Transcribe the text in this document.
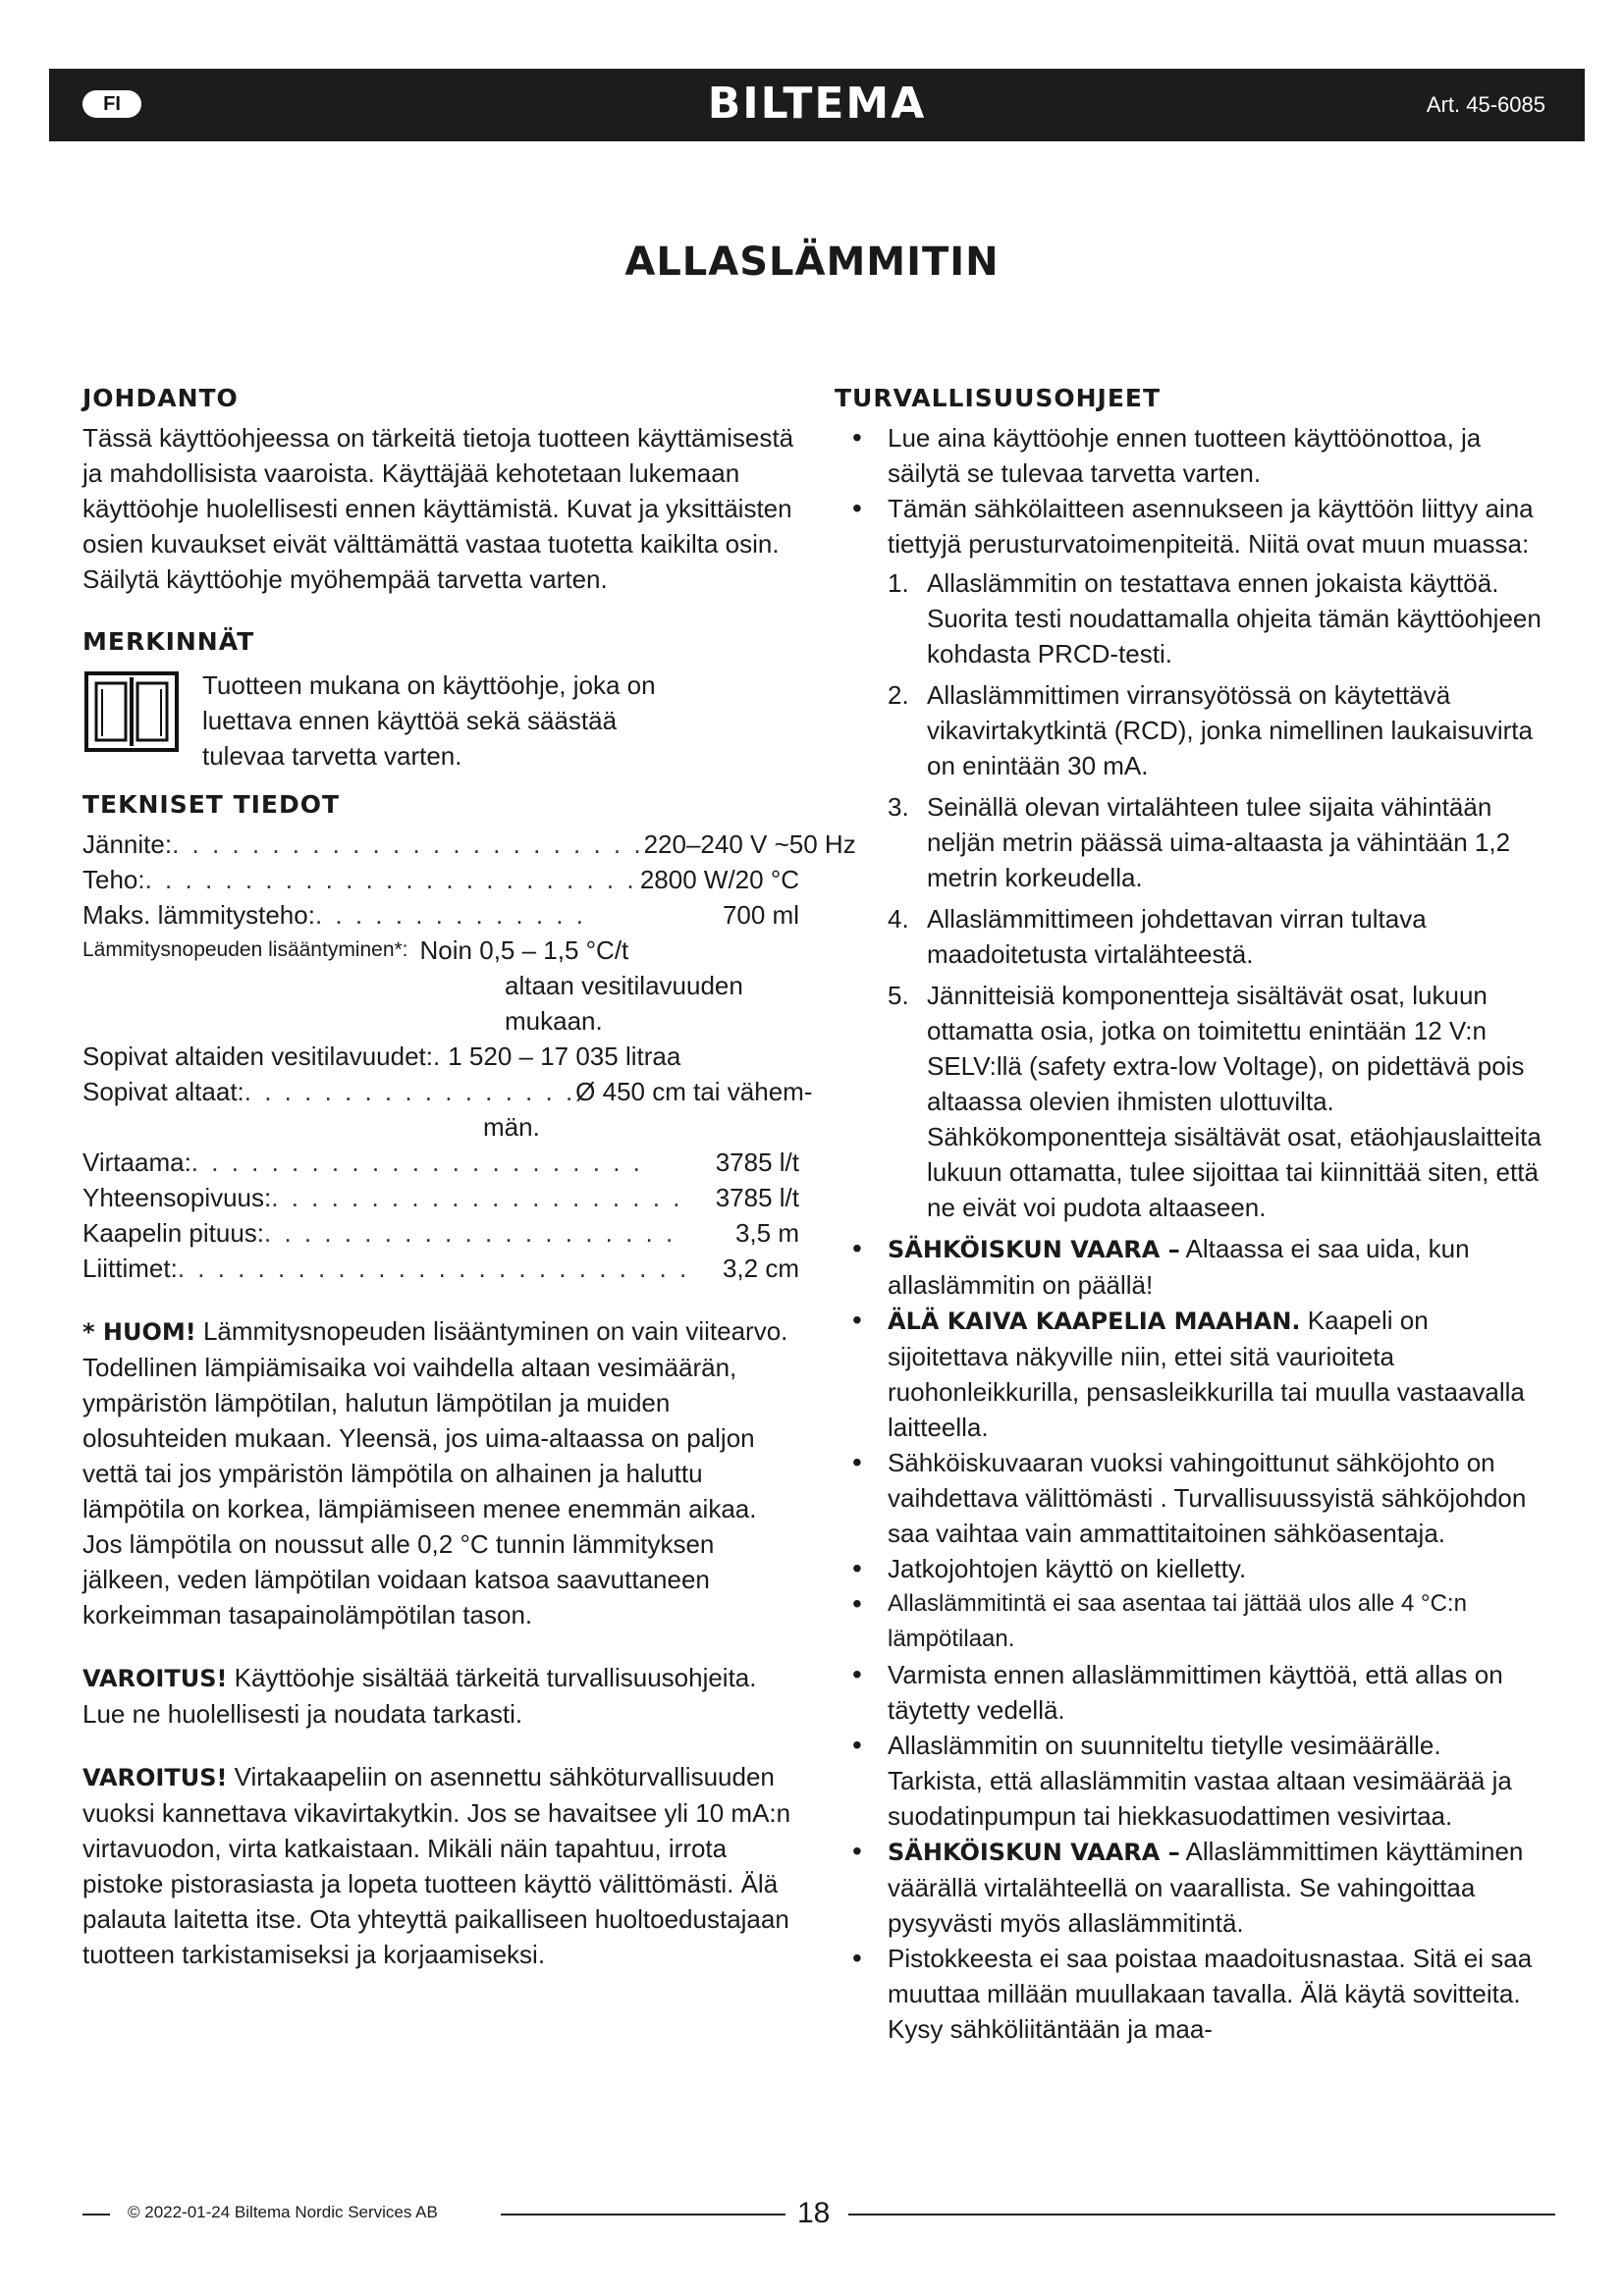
FI	BILTEMA	Art. 45-6085
ALLASLÄMMITIN
JOHDANTO

Tässä käyttöohjeessa on tärkeitä tietoja tuotteen käyttämisestä ja mahdollisista vaaroista. Käyttäjää kehotetaan lukemaan käyttöohje huolellisesti ennen käyttämistä. Kuvat ja yksittäisten osien kuvaukset eivät välttämättä vastaa tuotetta kaikilta osin. Säilytä käyttöohje myöhempää tarvetta varten.

MERKINNÄT

Tuotteen mukana on käyttöohje, joka on luettava ennen käyttöä sekä säästää tulevaa tarvetta varten.

TEKNISET TIEDOT
Jännite: . . . . . . . . . . . . . . . . . . . . . . . . 220–240 V ~50 Hz
Teho: . . . . . . . . . . . . . . . . . . . . . . . . . 2800 W/20 °C
Maks. lämmitysteho: . . . . . . . . . . . . . .	700 ml
Lämmitysnopeuden lisääntyminen*: Noin 0,5 – 1,5 °C/t
altaan vesitilavuuden
mukaan.
Sopivat altaiden vesitilavuudet:. 1 520 – 17 035 litraa
Sopivat altaat: . . . . . . . . . . . . . . . . . Ø 450 cm tai vähem-
män.
Virtaama: . . . . . . . . . . . . . . . . . . . . . . .	3785 l/t
Yhteensopivuus: . . . . . . . . . . . . . . . . . . . . .	3785 l/t
Kaapelin pituus: . . . . . . . . . . . . . . . . . . . . .	3,5 m
Liittimet: . . . . . . . . . . . . . . . . . . . . . . . . . .	3,2 cm

* HUOM! Lämmitysnopeuden lisääntyminen on vain viitearvo. Todellinen lämpiämisaika voi vaihdella altaan vesimäärän, ympäristön lämpötilan, halutun lämpötilan ja muiden olosuhteiden mukaan. Yleensä, jos uima-altaassa on paljon vettä tai jos ympäristön lämpötila on alhainen ja haluttu lämpötila on korkea, lämpiämiseen menee enemmän aikaa. Jos lämpötila on noussut alle 0,2 °C tunnin lämmityksen jälkeen, veden lämpötilan voidaan katsoa saavuttaneen korkeimman tasapainolämpötilan tason.

VAROITUS! Käyttöohje sisältää tärkeitä turvallisuusohjeita. Lue ne huolellisesti ja noudata tarkasti.

VAROITUS! Virtakaapeliin on asennettu sähköturvallisuuden vuoksi kannettava vikavirtakytkin. Jos se havaitsee yli 10 mA:n virtavuodon, virta katkaistaan. Mikäli näin tapahtuu, irrota pistoke pistorasiasta ja lopeta tuotteen käyttö välittömästi. Älä palauta laitetta itse. Ota yhteyttä paikalliseen huoltoedustajaan tuotteen tarkistamiseksi ja korjaamiseksi.

TURVALLISUUSOHJEET
• Lue aina käyttöohje ennen tuotteen käyttöönottoa, ja säilytä se tulevaa tarvetta varten.
• Tämän sähkölaitteen asennukseen ja käyttöön liittyy aina tiettyjä perusturvatoimenpiteitä. Niitä ovat muun muassa:
1. Allaslämmitin on testattava ennen jokaista käyttöä. Suorita testi noudattamalla ohjeita tämän käyttöohjeen kohdasta PRCD-testi.
2. Allaslämmittimen virransyötössä on käytettävä vikavirtakytkintä (RCD), jonka nimellinen laukaisuvirta on enintään 30 mA.
3. Seinällä olevan virtalähteen tulee sijaita vähintään neljän metrin päässä uima-altaasta ja vähintään 1,2 metrin korkeudella.
4. Allaslämmittimeen johdettavan virran tultava maadoitetusta virtalähteestä.
5. Jännitteisiä komponentteja sisältävät osat, lukuun ottamatta osia, jotka on toimitettu enintään 12 V:n SELV:llä (safety extra-low Voltage), on pidettävä pois altaassa olevien ihmisten ulottuvilta. Sähkökomponentteja sisältävät osat, etäohjauslaitteita lukuun ottamatta, tulee sijoittaa tai kiinnittää siten, että ne eivät voi pudota altaaseen.
• SÄHKÖISKUN VAARA – Altaassa ei saa uida, kun allaslämmitin on päällä!
• ÄLÄ KAIVA KAAPELIA MAAHAN. Kaapeli on sijoitettava näkyville niin, ettei sitä vaurioiteta ruohonleikkurilla, pensasleikkurilla tai muulla vastaavalla laitteella.
• Sähköiskuvaaran vuoksi vahingoittunut sähköjohto on vaihdettava välittömästi . Turvallisuussyistä sähköjohdon saa vaihtaa vain ammattitaitoinen sähköasentaja.
• Jatkojohtojen käyttö on kielletty.
• Allaslämmitintä ei saa asentaa tai jättää ulos alle 4 °C:n lämpötilaan.
• Varmista ennen allaslämmittimen käyttöä, että allas on täytetty vedellä.
• Allaslämmitin on suunniteltu tietylle vesimäärälle. Tarkista, että allaslämmitin vastaa altaan vesimäärää ja suodatinpumpun tai hiekkasuodattimen vesivirtaa.
• SÄHKÖISKUN VAARA – Allaslämmittimen käyttäminen väärällä virtalähteellä on vaarallista. Se vahingoittaa pysyvästi myös allaslämmitintä.
• Pistokkeesta ei saa poistaa maadoitusnastaa. Sitä ei saa muuttaa millään muullakaan tavalla. Älä käytä sovitteita. Kysy sähköliitäntään ja maa-
© 2022-01-24 Biltema Nordic Services AB	18
